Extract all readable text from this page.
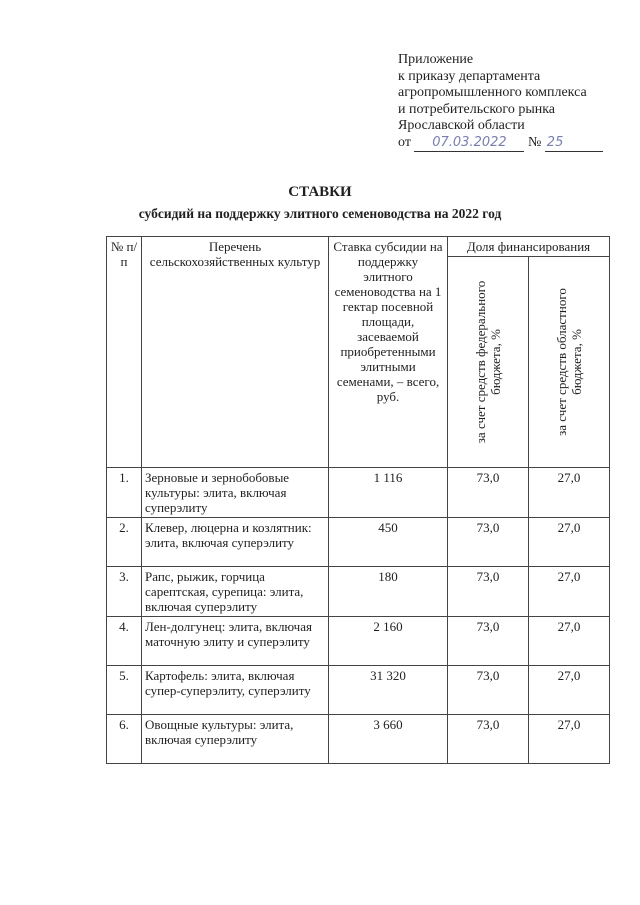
Приложение
к приказу департамента
агропромышленного комплекса
и потребительского рынка
Ярославской области
от 07.03.2022 № 25
СТАВКИ
субсидий на поддержку элитного семеноводства на 2022 год
№ п/п	Перечень сельскохозяйственных культур	Ставка субсидии на поддержку элитного семеноводства на 1 гектар посевной площади, засеваемой приобретенными элитными семенами, – всего, руб.	Доля финансирования	

			за счет средств федерального бюджета, %	за счет средств областного бюджета, %

1.	Зерновые и зернобобовые культуры: элита, включая суперэлиту	1 116	73,0	27,0
2.	Клевер, люцерна и козлятник: элита, включая суперэлиту	450	73,0	27,0
3.	Рапс, рыжик, горчица сарептская, сурепица: элита, включая суперэлиту	180	73,0	27,0
4.	Лен-долгунец: элита, включая маточную элиту и суперэлиту	2 160	73,0	27,0
5.	Картофель: элита, включая супер-суперэлиту, суперэлиту	31 320	73,0	27,0
6.	Овощные культуры: элита, включая суперэлиту	3 660	73,0	27,0
